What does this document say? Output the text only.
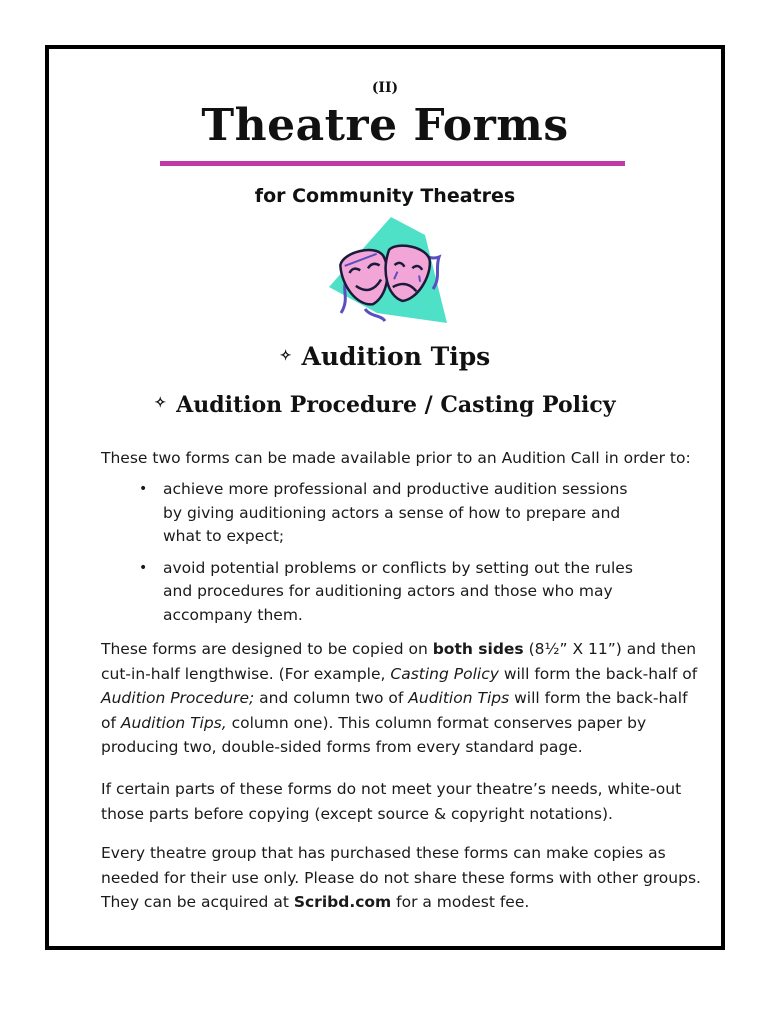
(II)
Theatre Forms
for Community Theatres
✧ Audition Tips
✧ Audition Procedure / Casting Policy
These two forms can be made available prior to an Audition Call in order to:
• achieve more professional and productive audition sessions by giving auditioning actors a sense of how to prepare and what to expect;
• avoid potential problems or conflicts by setting out the rules and procedures for auditioning actors and those who may accompany them.
These forms are designed to be copied on both sides (8½” X 11”) and then cut-in-half lengthwise. (For example, Casting Policy will form the back-half of Audition Procedure; and column two of Audition Tips will form the back-half of Audition Tips, column one). This column format conserves paper by producing two, double-sided forms from every standard page.
If certain parts of these forms do not meet your theatre’s needs, white-out those parts before copying (except source & copyright notations).
Every theatre group that has purchased these forms can make copies as needed for their use only. Please do not share these forms with other groups. They can be acquired at Scribd.com for a modest fee.
